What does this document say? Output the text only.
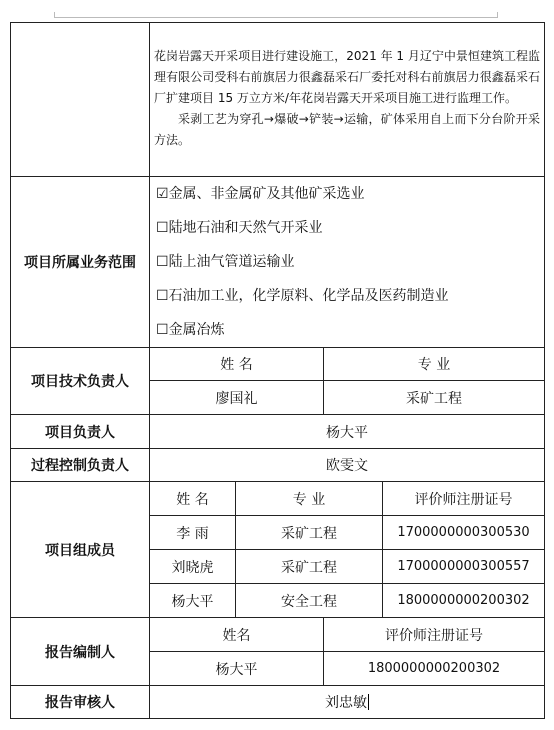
	花岗岩露天开采项目进行建设施工，2021 年 1 月辽宁中景恒建筑工程监理有限公司受科右前旗居力很鑫磊采石厂委托对科右前旗居力很鑫磊采石厂扩建项目 15 万立方米/年花岗岩露天开采项目施工进行监理工作。

采剥工艺为穿孔→爆破→铲装→运输，矿体采用自上而下分台阶开采方法。			

项目所属业务范围	☑金属、非金属矿及其他矿采选业
☐陆地石油和天然气开采业
☐陆上油气管道运输业
☐石油加工业，化学原料、化学品及医药制造业
☐金属冶炼			

项目技术负责人	姓 名		专 业	
	廖国礼		采矿工程	
项目负责人	杨大平			
过程控制负责人	欧雯文			
项目组成员	姓 名	专 业		评价师注册证号
	李 雨	采矿工程		1700000000300530
	刘晓虎	采矿工程		1700000000300557
	杨大平	安全工程		1800000000200302
报告编制人	姓名		评价师注册证号	
	杨大平		1800000000200302	
报告审核人	刘忠敏			
